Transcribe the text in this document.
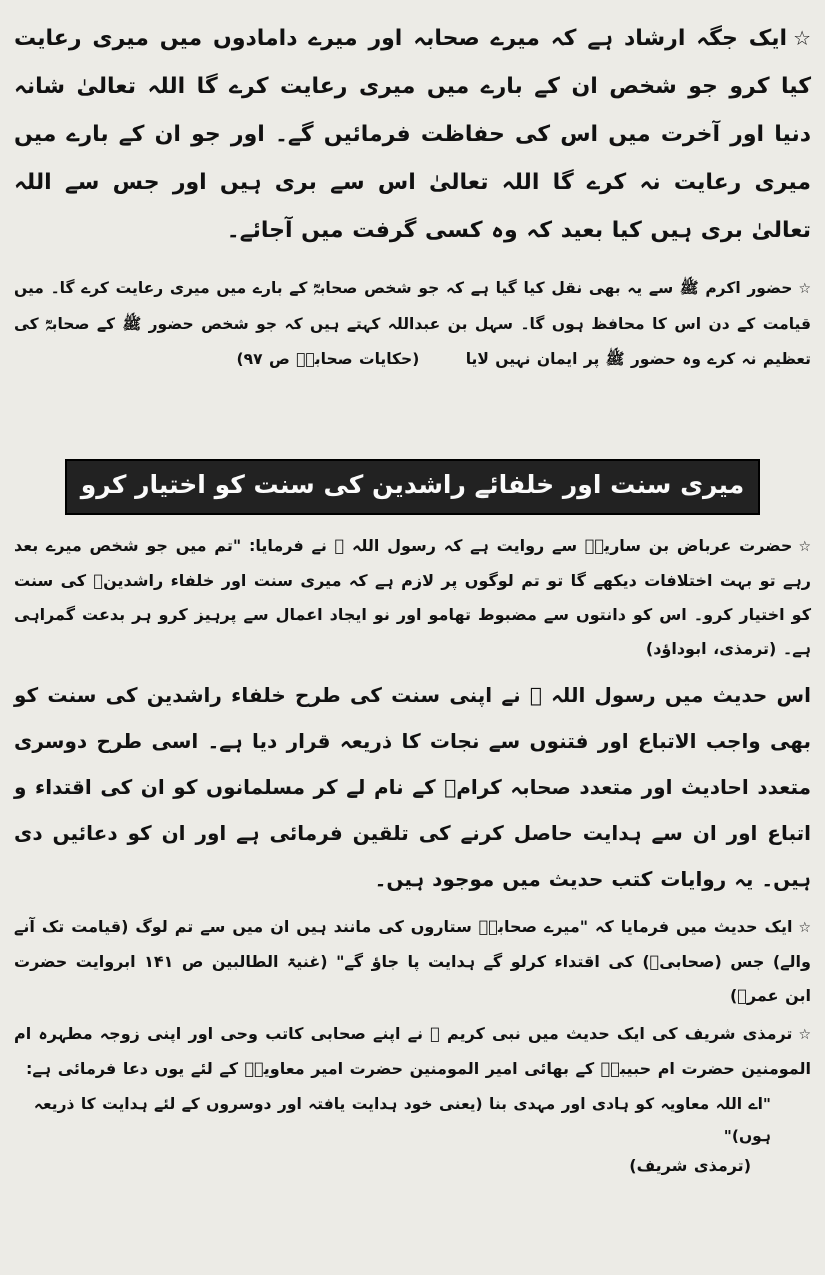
☆ایک جگہ ارشاد ہے کہ میرے صحابہ اور میرے دامادوں میں میری رعایت کیا کرو جو شخص ان کے بارے میں میری رعایت کرے گا اللہ تعالیٰ شانہ دنیا اور آخرت میں اس کی حفاظت فرمائیں گے۔ اور جو ان کے بارے میں میری رعایت نہ کرے گا اللہ تعالیٰ اس سے بری ہیں اور جس سے اللہ تعالیٰ بری ہیں کیا بعید کہ وہ کسی گرفت میں آجائے۔

☆حضور اکرم ﷺ سے یہ بھی نقل کیا گیا ہے کہ جو شخص صحابہؓ کے بارے میں میری رعایت کرے گا۔ میں قیامت کے دن اس کا محافظ ہوں گا۔ سہل بن عبداللہ کہتے ہیں کہ جو شخص حضور ﷺ کے صحابہؓ کی تعظیم نہ کرے وہ حضور ﷺ پر ایمان نہیں لایا (حکایات صحابہؓ ص ۹۷)

میری سنت اور خلفائے راشدین کی سنت کو اختیار کرو

☆حضرت عرباض بن ساریہؓ سے روایت ہے کہ رسول اللہ ﷺ نے فرمایا: "تم میں جو شخص میرے بعد رہے تو بہت اختلافات دیکھے گا تو تم لوگوں پر لازم ہے کہ میری سنت اور خلفاء راشدینؓ کی سنت کو اختیار کرو۔ اس کو دانتوں سے مضبوط تھامو اور نو ایجاد اعمال سے پرہیز کرو ہر بدعت گمراہی ہے۔ (ترمذی، ابوداؤد)

اس حدیث میں رسول اللہ ﷺ نے اپنی سنت کی طرح خلفاء راشدین کی سنت کو بھی واجب الاتباع اور فتنوں سے نجات کا ذریعہ قرار دیا ہے۔ اسی طرح دوسری متعدد احادیث اور متعدد صحابہ کرامؓ کے نام لے کر مسلمانوں کو ان کی اقتداء و اتباع اور ان سے ہدایت حاصل کرنے کی تلقین فرمائی ہے اور ان کو دعائیں دی ہیں۔ یہ روایات کتب حدیث میں موجود ہیں۔

☆ایک حدیث میں فرمایا کہ "میرے صحابہؓ ستاروں کی مانند ہیں ان میں سے تم لوگ (قیامت تک آنے والے) جس (صحابیؓ) کی اقتداء کرلو گے ہدایت پا جاؤ گے" (غنیۃ الطالبین ص ۱۴۱ ابروایت حضرت ابن عمرؓ)

☆ترمذی شریف کی ایک حدیث میں نبی کریم ﷺ نے اپنے صحابی کاتب وحی اور اپنی زوجہ مطہرہ ام المومنین حضرت ام حبیبہؓ کے بھائی امیر المومنین حضرت امیر معاویہؓ کے لئے یوں دعا فرمائی ہے:

"اے اللہ معاویہ کو ہادی اور مہدی بنا (یعنی خود ہدایت یافتہ اور دوسروں کے لئے ہدایت کا ذریعہ ہوں)"

(ترمذی شریف)
